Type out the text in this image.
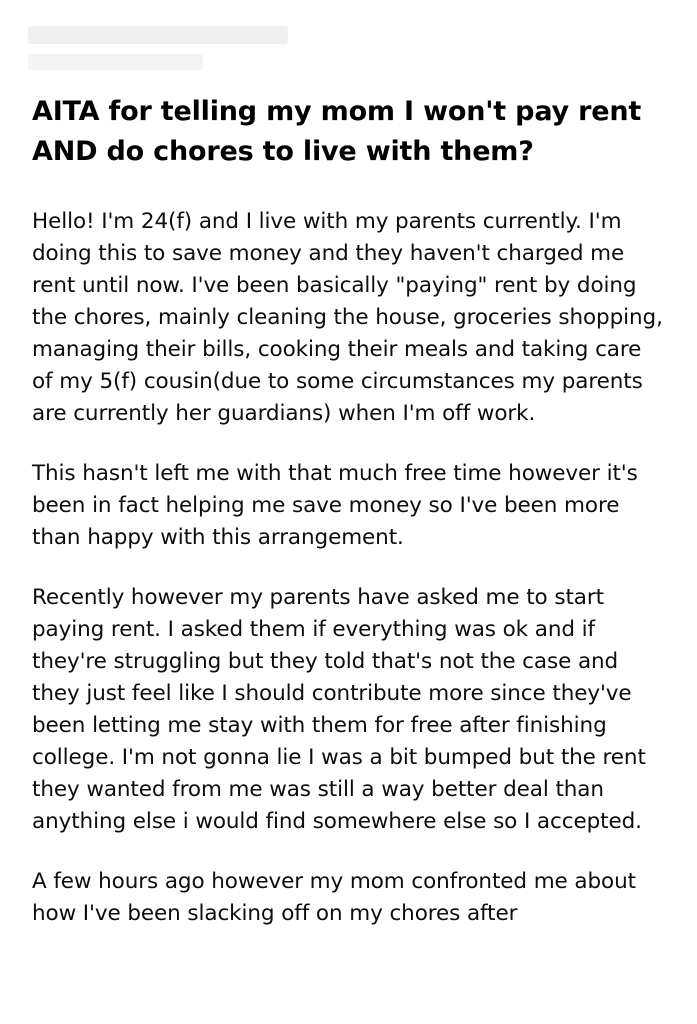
AITA for telling my mom I won't pay rent AND do chores to live with them?

Hello! I'm 24(f) and I live with my parents currently. I'm doing this to save money and they haven't charged me rent until now. I've been basically "paying" rent by doing the chores, mainly cleaning the house, groceries shopping, managing their bills, cooking their meals and taking care of my 5(f) cousin(due to some circumstances my parents are currently her guardians) when I'm off work.

This hasn't left me with that much free time however it's been in fact helping me save money so I've been more than happy with this arrangement.

Recently however my parents have asked me to start paying rent. I asked them if everything was ok and if they're struggling but they told that's not the case and they just feel like I should contribute more since they've been letting me stay with them for free after finishing college. I'm not gonna lie I was a bit bumped but the rent they wanted from me was still a way better deal than anything else i would find somewhere else so I accepted.

A few hours ago however my mom confronted me about how I've been slacking off on my chores after
